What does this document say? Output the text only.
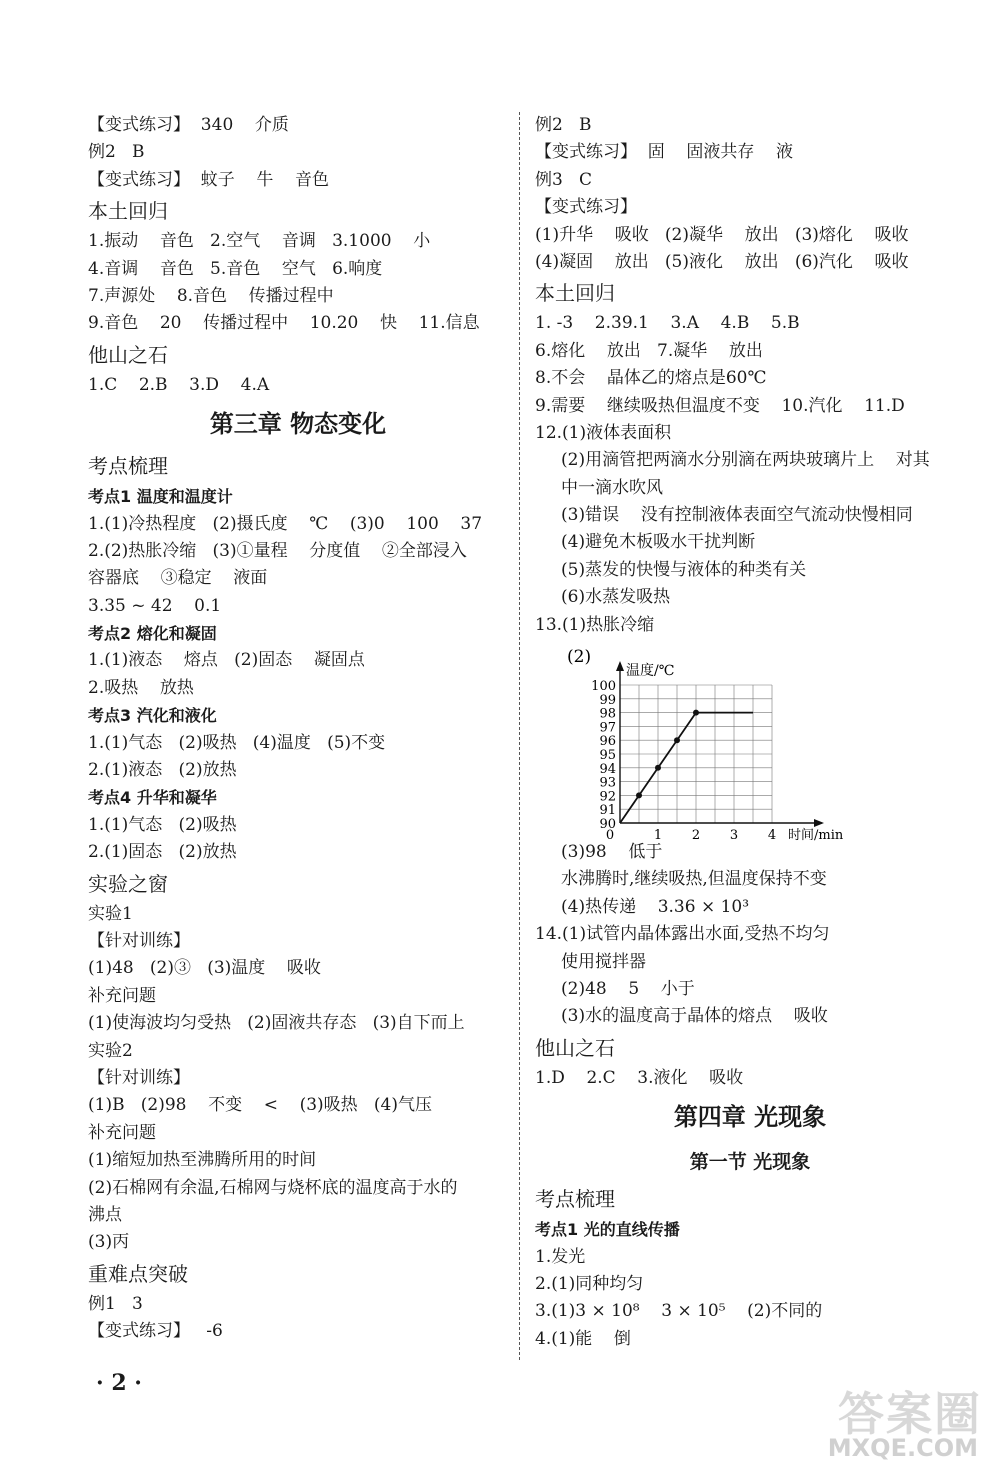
【变式练习】  340    介质
例2   B
【变式练习】  蚊子    牛    音色
本土回归
1.振动    音色   2.空气    音调   3.1000    小
4.音调    音色   5.音色    空气   6.响度
7.声源处    8.音色    传播过程中
9.音色    20    传播过程中    10.20    快    11.信息
他山之石
1.C    2.B    3.D    4.A
第三章 物态变化
考点梳理
考点1 温度和温度计
1.(1)冷热程度   (2)摄氏度    ℃    (3)0    100    37
2.(2)热胀冷缩   (3)①量程    分度值    ②全部浸入
容器底    ③稳定    液面
3.35 ~ 42    0.1
考点2 熔化和凝固
1.(1)液态    熔点   (2)固态    凝固点
2.吸热    放热
考点3 汽化和液化
1.(1)气态   (2)吸热   (4)温度   (5)不变
2.(1)液态   (2)放热
考点4 升华和凝华
1.(1)气态   (2)吸热
2.(1)固态   (2)放热
实验之窗
实验1
【针对训练】
(1)48   (2)③   (3)温度    吸收
补充问题
(1)使海波均匀受热   (2)固液共存态   (3)自下而上
实验2
【针对训练】
(1)B   (2)98    不变    <    (3)吸热   (4)气压
补充问题
(1)缩短加热至沸腾所用的时间
(2)石棉网有余温,石棉网与烧杯底的温度高于水的
沸点
(3)丙
重难点突破
例1   3
【变式练习】   -6
例2   B
【变式练习】  固    固液共存    液
例3   C
【变式练习】
(1)升华    吸收   (2)凝华    放出   (3)熔化    吸收
(4)凝固    放出   (5)液化    放出   (6)汽化    吸收
本土回归
1. -3    2.39.1    3.A    4.B    5.B
6.熔化    放出   7.凝华    放出
8.不会    晶体乙的熔点是60℃
9.需要    继续吸热但温度不变    10.汽化    11.D
12.(1)液体表面积
(2)用滴管把两滴水分别滴在两块玻璃片上    对其
中一滴水吹风
(3)错误    没有控制液体表面空气流动快慢相同
(4)避免木板吸水干扰判断
(5)蒸发的快慢与液体的种类有关
(6)水蒸发吸热
13.(1)热胀冷缩
(3)98    低于
水沸腾时,继续吸热,但温度保持不变
(4)热传递    3.36 × 10³
14.(1)试管内晶体露出水面,受热不均匀
使用搅拌器
(2)48    5    小于
(3)水的温度高于晶体的熔点    吸收
他山之石
1.D    2.C    3.液化    吸收
第四章 光现象
第一节 光现象
考点梳理
考点1 光的直线传播
1.发光
2.(1)同种均匀
3.(1)3 × 10⁸    3 × 10⁵    (2)不同的
4.(1)能    倒
(2)
90
91
92
93
94
95
96
97
98
99
100
0	1 2 3 4
温度/℃
时间/min
· 2 ·
答案圈
MXQE.COM
